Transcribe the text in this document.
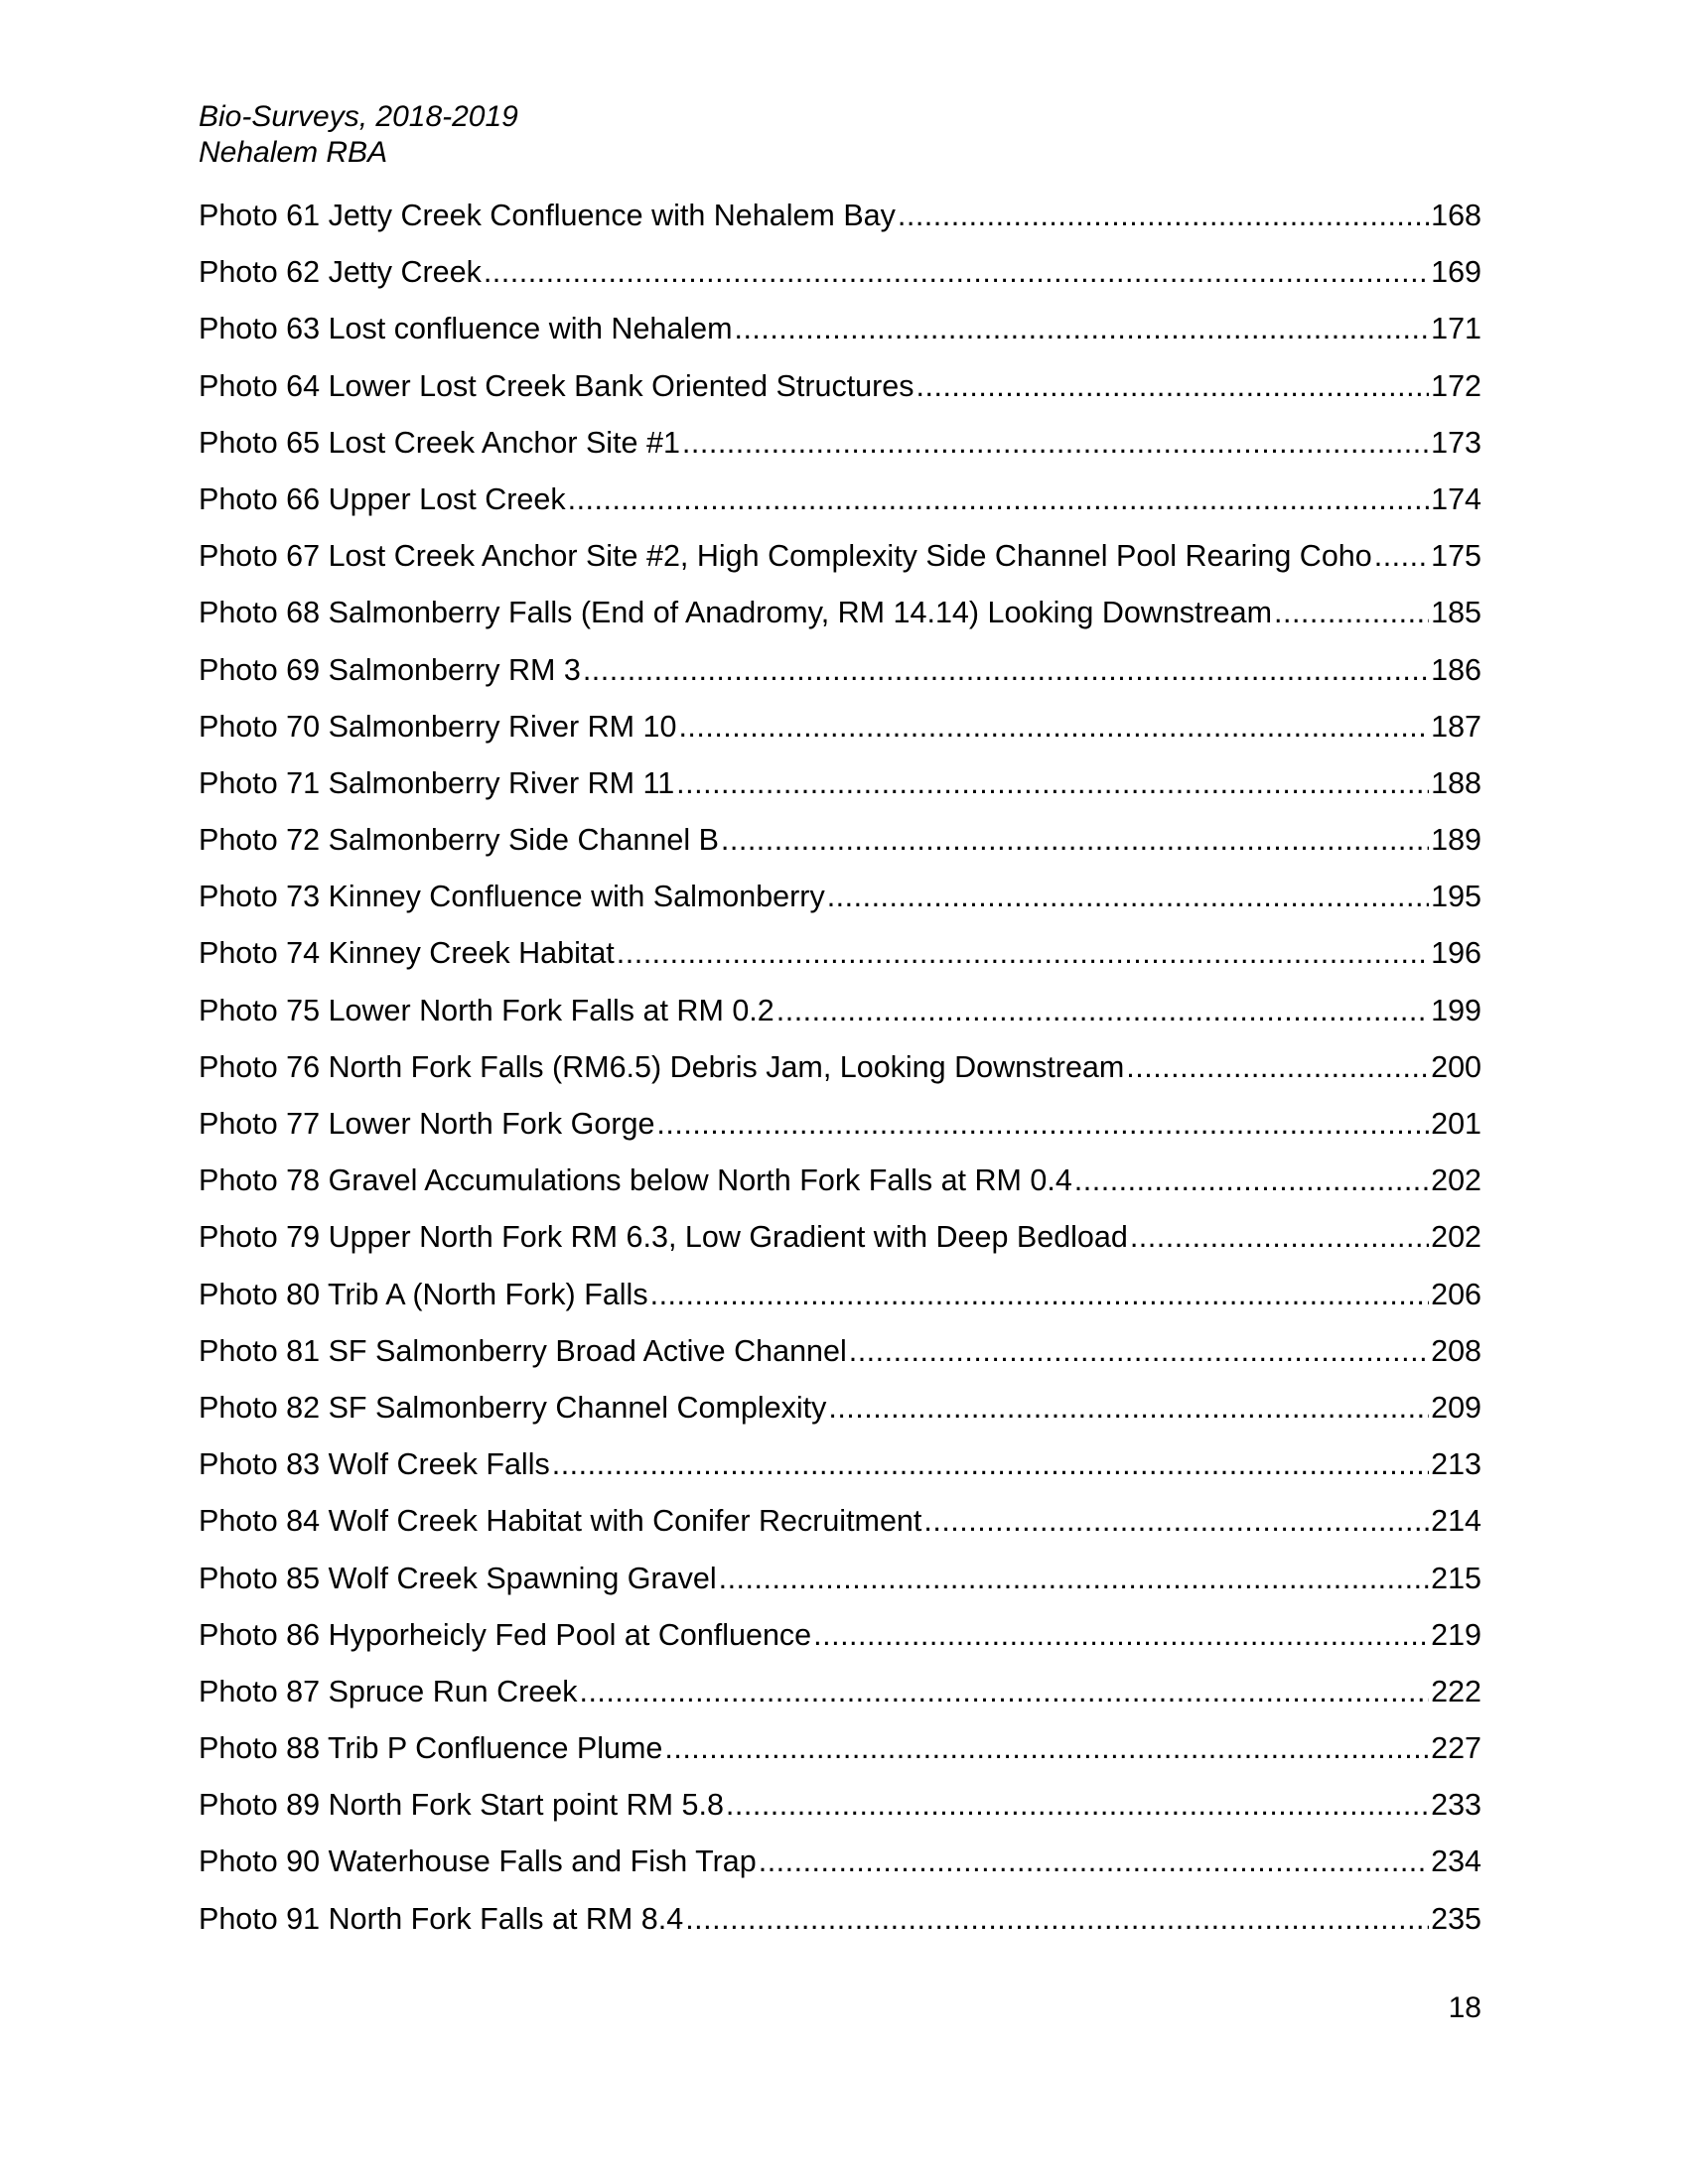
Bio-Surveys, 2018-2019
Nehalem RBA
Photo 61 Jetty Creek Confluence with Nehalem Bay .....	168
Photo 62 Jetty Creek .....	169
Photo 63 Lost confluence with Nehalem .....	171
Photo 64 Lower Lost Creek Bank Oriented Structures .....	172
Photo 65 Lost Creek Anchor Site #1 .....	173
Photo 66 Upper Lost Creek .....	174
Photo 67 Lost Creek Anchor Site #2, High Complexity Side Channel Pool Rearing Coho ..... 175
Photo 68 Salmonberry Falls (End of Anadromy, RM 14.14) Looking Downstream .....	185
Photo 69 Salmonberry RM 3 .....	186
Photo 70 Salmonberry River RM 10 .....	187
Photo 71 Salmonberry River RM 11 .....	188
Photo 72 Salmonberry Side Channel B .....	189
Photo 73 Kinney Confluence with Salmonberry .....	195
Photo 74 Kinney Creek Habitat .....	196
Photo 75 Lower North Fork Falls at RM 0.2 .....	199
Photo 76 North Fork Falls (RM6.5) Debris Jam, Looking Downstream .....	200
Photo 77 Lower North Fork Gorge .....	201
Photo 78 Gravel Accumulations below North Fork Falls at RM 0.4 .....	202
Photo 79 Upper North Fork RM 6.3, Low Gradient with Deep Bedload .....	202
Photo 80 Trib A (North Fork) Falls .....	206
Photo 81 SF Salmonberry Broad Active Channel .....	208
Photo 82 SF Salmonberry Channel Complexity .....	209
Photo 83 Wolf Creek Falls .....	213
Photo 84 Wolf Creek Habitat with Conifer Recruitment .....	214
Photo 85 Wolf Creek Spawning Gravel .....	215
Photo 86 Hyporheicly Fed Pool at Confluence .....	219
Photo 87 Spruce Run Creek .....	222
Photo 88 Trib P Confluence Plume .....	227
Photo 89 North Fork Start point RM 5.8 .....	233
Photo 90 Waterhouse Falls and Fish Trap .....	234
Photo 91 North Fork Falls at RM 8.4 .....	235
18
